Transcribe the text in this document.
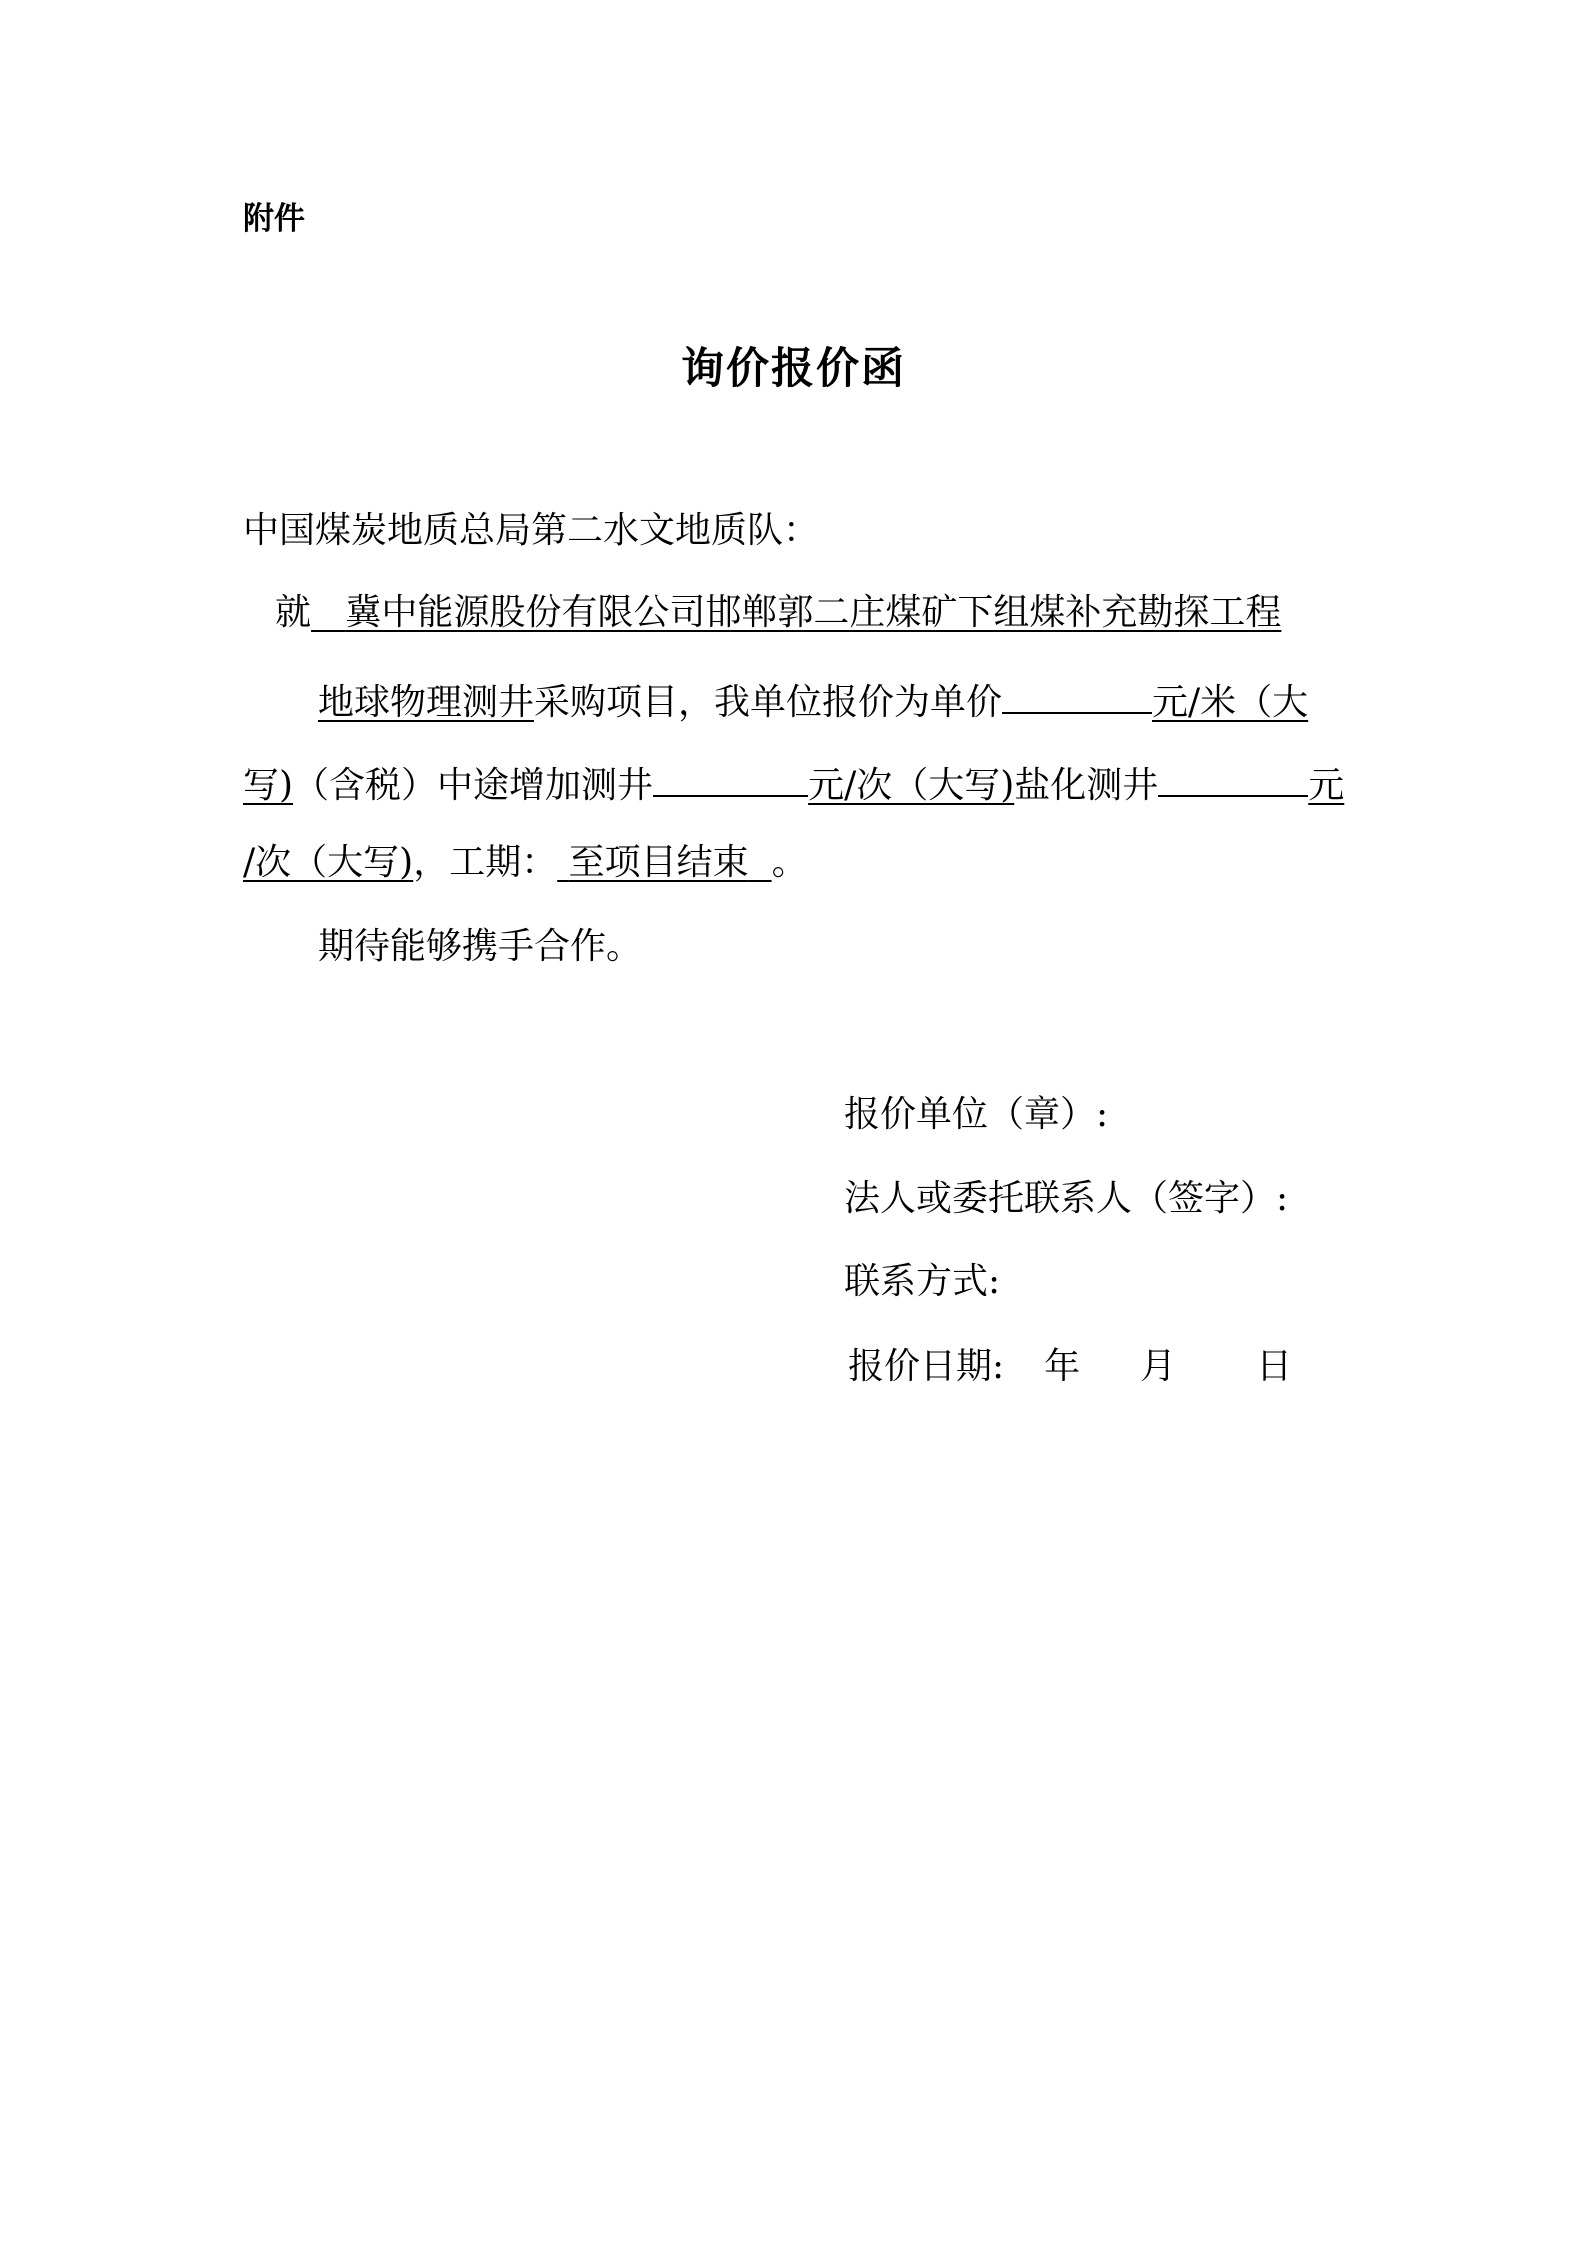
附件
询价报价函
中国煤炭地质总局第二水文地质队：
就 冀中能源股份有限公司邯郸郭二庄煤矿下组煤补充勘探工程
地球物理测井采购项目，我单位报价为单价	元/米（大
写)（含税）中途增加测井	元/次（大写)盐化测井	元
/次（大写)，工期： 至项目结束 。
期待能够携手合作。
报价单位（章）:
法人或委托联系人（签字）:
联系方式:
报价日期: 年 月 日
